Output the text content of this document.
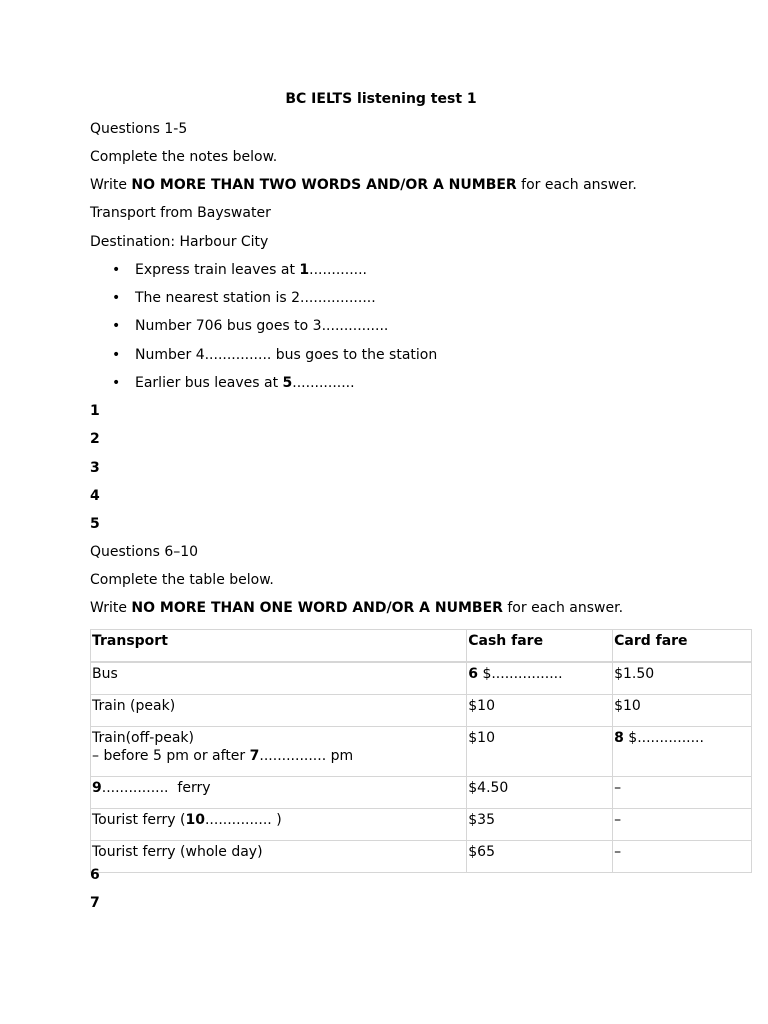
BC IELTS listening test 1
Questions 1-5
Complete the notes below.
Write NO MORE THAN TWO WORDS AND/OR A NUMBER for each answer.
Transport from Bayswater
Destination: Harbour City
• Express train leaves at 1.............
• The nearest station is 2.................
• Number 706 bus goes to 3...............
• Number 4............... bus goes to the station
• Earlier bus leaves at 5..............
1
2
3
4
5
Questions 6–10
Complete the table below.
Write NO MORE THAN ONE WORD AND/OR A NUMBER for each answer.
Transport	Cash fare	Card fare
Bus	6 $................	$1.50
Train (peak)	$10	$10

Train(off-peak)
– before 5 pm or after 7............... pm	$10	8 $...............
9...............  ferry	$4.50	–
Tourist ferry (10............... )	$35	–
Tourist ferry (whole day)	$65	–
6
7
